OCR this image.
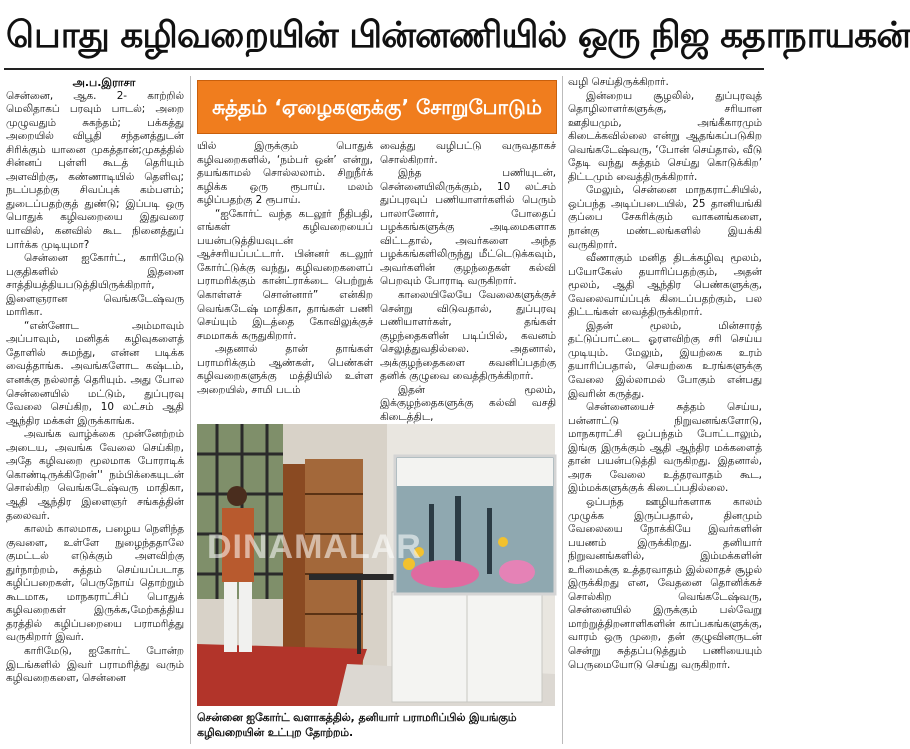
பொது கழிவறையின் பின்னணியில் ஒரு நிஜ கதாநாயகன்

அ.ப.இராசா

சென்னை, ஆக. 2- காற்றில் மெலிதாகப் பரவும் பாடல்; அறை முழுவதும் சுகந்தம்; பக்கத்து அறையில் விபூதி சந்தனத்துடன் சிரிக்கும் யானை முகத்தான்;முகத்தில் சின்னப் புள்ளி கூடத் தெரியும் அளவிற்கு, கண்ணாடியில் தெளிவு; நடப்பதற்கு சிவப்புக் கம்பளம்; துடைப்பதற்குத் துண்டு; இப்படி ஒரு பொதுக் கழிவறையை இதுவரை யாவில், கனவில் கூட நினைத்துப் பார்க்க முடியுமா?

சென்னை ஐகோர்ட், காரிமேடு பகுதிகளில் இதனை சாத்தியத்தியபடுத்தியிருக்கிறார், இளைஞரான வெங்கடேஷ்வரு மாரிகா.

“என்னோட அம்மாவும் அப்பாவும், மனிதக் கழிவுகளைத் தோளில் சுமந்து, என்ன படிக்க வைத்தாங்க. அவங்களோட கஷ்டம், எனக்கு நல்லாத் தெரியும். அது போல சென்னையில் மட்டும், துப்புரவு வேலை செய்கிற, 10 லட்சம் ஆதி ஆந்திர மக்கள் இருக்காங்க.

அவங்க வாழ்க்கை முன்னேற்றம் அடைய, அவங்க வேலை செய்கிற, அதே கழிவறை மூலமாக போராடிக் கொண்டிருக்கிறேன்'' நம்பிக்கையுடன் சொல்கிற வெங்கடேஷ்வரு மாதிகா, ஆதி ஆந்திர இளைஞர் சங்கத்தின் தலைவர்.

காலம் காலமாக, பழைய நெளிந்த குவளை, உள்ளே நுழைந்ததாலே குமட்டல் எடுக்கும் அளவிற்கு துர்நாற்றம், சுத்தம் செய்யப்படாத கழிப்பறைகள், பெருநோய் தொற்றும் கூடமாக, மாநகராட்சிப் பொதுக் கழிவறைகள் இருக்க,மேற்கத்திய தரத்தில் கழிப்பறையை பராமரித்து வருகிறார் இவர்.

காரிமேடு, ஐகோர்ட் போன்ற இடங்களில் இவர் பராமரித்து வரும் கழிவறைகளை, சென்னை

சுத்தம் ‘ஏழைகளுக்கு’ சோறுபோடும்

யில் இருக்கும் பொதுக் கழிவறைகளில், ‘நம்பர் ஒன்’ என்று, தயங்காமல் சொல்லலாம். சிறுநீர்க் கழிக்க ஒரு ரூபாய். மலம் கழிப்பதற்கு 2 ரூபாய்.

“ஐகோர்ட் வந்த கடலூர் நீதிபதி, எங்கள் கழிவறையைப் பயன்படுத்தியவுடன் ஆச்சரியப்பட்டார். பின்னர் கடலூர் கோர்ட்டுக்கு வந்து, கழிவறைகளைப் பராமரிக்கும் கான்ட்ராக்டை பெற்றுக் கொள்ளச் சொன்னார்” என்கிற வெங்கடேஷ் மாதிகா, தாங்கள் பணி செய்யும் இடத்தை கோவிலுக்குச் சமமாகக் கருதுகிறார்.

அதனால் தான் தாங்கள் பராமரிக்கும் ஆண்கள், பெண்கள் கழிவறைகளுக்கு மத்தியில் உள்ள அறையில், சாமி படம்

வைத்து வழிபட்டு வருவதாகச் சொல்கிறார்.

இந்த பணியுடன், சென்னையிலிருக்கும், 10 லட்சம் துப்புரவுப் பணியாளர்களில் பெரும் பாலானோர், போதைப் பழக்கங்களுக்கு அடிமைகளாக விட்டதால், அவர்களை அந்த பழக்கங்களிலிருந்து மீட்டெடுக்கவும், அவர்களின் குழந்தைகள் கல்வி பெறவும் போராடி வருகிறார்.

காலையிலேயே வேலைகளுக்குச் சென்று விடுவதால், துப்புரவு பணியாளர்கள், தங்கள் குழந்தைகளின் படிப்பில், கவனம் செலுத்துவதில்லை. அதனால், அக்குழந்தைகளை கவனிப்பதற்கு தனிக் குழுவை வைத்திருக்கிறார்.

இதன் மூலம், இக்குழந்தைகளுக்கு கல்வி வசதி கிடைத்திட,

வழி செய்திருக்கிறார்.

இன்றைய சூழலில், துப்புரவுத் தொழிலாளர்களுக்கு, சரியான ஊதியமும், அங்கீகாரமும் கிடைக்கவில்லை என்று ஆதங்கப்படுகிற வெங்கடேஷ்வரு, ‘போன் செய்தால், வீடு தேடி வந்து சுத்தம் செய்து கொடுக்கிற’ திட்டமும் வைத்திருக்கிறார்.

மேலும், சென்னை மாநகராட்சியில், ஒப்பந்த அடிப்படையில், 25 தானியங்கி குப்பை சேகரிக்கும் வாகனங்களை, நான்கு மண்டலங்களில் இயக்கி வருகிறார்.

வீணாகும் மனித திடக்கழிவு மூலம், பயோகேஸ் தயாரிப்பதற்கும், அதன் மூலம், ஆதி ஆந்திர பெண்களுக்கு, வேலைவாய்ப்புக் கிடைப்பதற்கும், பல திட்டங்கள் வைத்திருக்கிறார்.

இதன் மூலம், மின்சாரத் தட்டுப்பாட்டை ஓரளவிற்கு சரி செய்ய முடியும். மேலும், இயற்கை உரம் தயாரிப்பதால், செயற்கை உரங்களுக்கு வேலை இல்லாமல் போகும் என்பது இவரின் கருத்து.

சென்னையைச் சுத்தம் செய்ய, பன்னாட்டு நிறுவனங்களோடு, மாநகராட்சி ஒப்பந்தம் போட்டாலும், இங்கு இருக்கும் ஆதி ஆந்திர மக்களைத் தான் பயன்படுத்தி வருகிறது. இதனால், அரசு வேலை உத்தரவாதம் கூட, இம்மக்களுக்குக் கிடைப்பதில்லை.

ஒப்பந்த ஊழியர்களாக காலம் முழுக்க இருப்பதால், தினமும் வேலையை நோக்கியே இவர்களின் பயணம் இருக்கிறது. தனியார் நிறுவனங்களில், இம்மக்களின் உரிமைக்கு உத்தரவாதம் இல்லாதச் சூழல் இருக்கிறது என, வேதனை தொனிக்கச் சொல்கிற வெங்கடேஷ்வரு, சென்னையில் இருக்கும் பல்வேறு மாற்றுத்திறனாளிகளின் காப்பகங்களுக்கு, வாரம் ஒரு முறை, தன் குழுவினருடன் சென்று சுத்தப்படுத்தும் பணியையும் பெருமையோடு செய்து வருகிறார்.

DINAMALAR
சென்னை ஐகோர்ட் வளாகத்தில், தனியார் பராமரிப்பில் இயங்கும்
கழிவறையின் உட்புற தோற்றம்.
